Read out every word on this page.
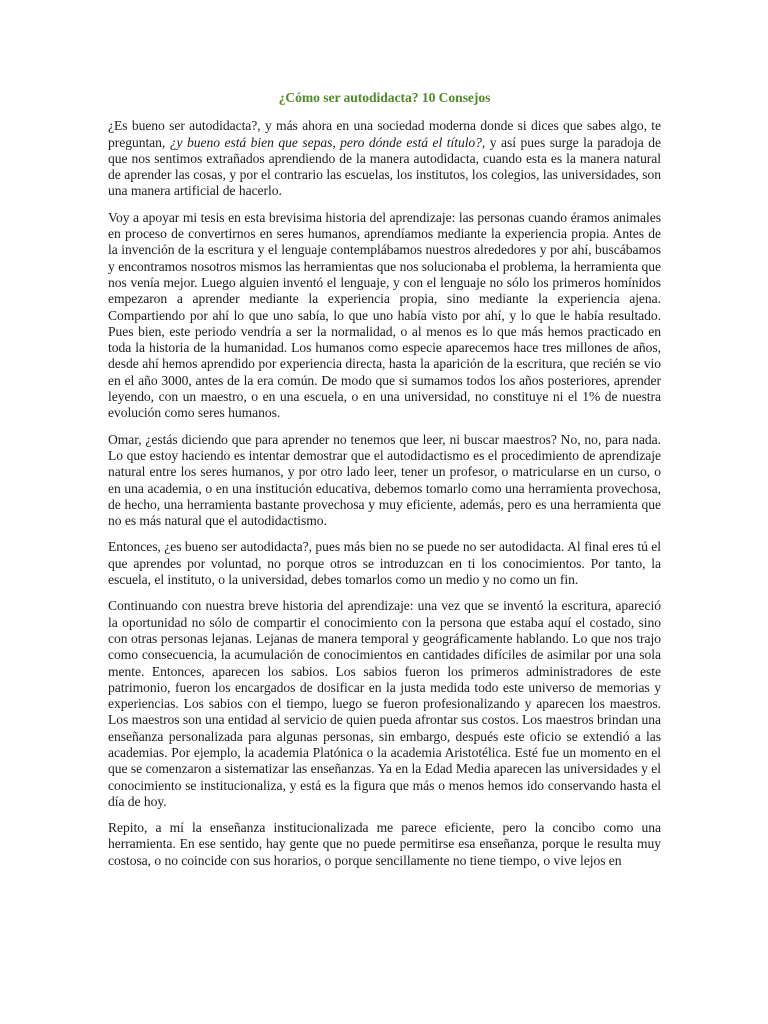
¿Cómo ser autodidacta? 10 Consejos

¿Es bueno ser autodidacta?, y más ahora en una sociedad moderna donde si dices que sabes algo, te preguntan, ¿y bueno está bien que sepas, pero dónde está el título?, y así pues surge la paradoja de que nos sentimos extrañados aprendiendo de la manera autodidacta, cuando esta es la manera natural de aprender las cosas, y por el contrario las escuelas, los institutos, los colegios, las universidades, son una manera artificial de hacerlo.

Voy a apoyar mi tesis en esta brevisima historia del aprendizaje: las personas cuando éramos animales en proceso de convertirnos en seres humanos, aprendíamos mediante la experiencia propia. Antes de la invención de la escritura y el lenguaje contemplábamos nuestros alrededores y por ahí, buscábamos y encontramos nosotros mismos las herramientas que nos solucionaba el problema, la herramienta que nos venía mejor. Luego alguien inventó el lenguaje, y con el lenguaje no sólo los primeros homínidos empezaron a aprender mediante la experiencia propia, sino mediante la experiencia ajena. Compartiendo por ahí lo que uno sabía, lo que uno había visto por ahí, y lo que le había resultado. Pues bien, este periodo vendría a ser la normalidad, o al menos es lo que más hemos practicado en toda la historia de la humanidad. Los humanos como especie aparecemos hace tres millones de años, desde ahí hemos aprendido por experiencia directa, hasta la aparición de la escritura, que recién se vio en el año 3000, antes de la era común. De modo que si sumamos todos los años posteriores, aprender leyendo, con un maestro, o en una escuela, o en una universidad, no constituye ni el 1% de nuestra evolución como seres humanos.

Omar, ¿estás diciendo que para aprender no tenemos que leer, ni buscar maestros? No, no, para nada. Lo que estoy haciendo es intentar demostrar que el autodidactismo es el procedimiento de aprendizaje natural entre los seres humanos, y por otro lado leer, tener un profesor, o matricularse en un curso, o en una academia, o en una institución educativa, debemos tomarlo como una herramienta provechosa, de hecho, una herramienta bastante provechosa y muy eficiente, además, pero es una herramienta que no es más natural que el autodidactismo.

Entonces, ¿es bueno ser autodidacta?, pues más bien no se puede no ser autodidacta. Al final eres tú el que aprendes por voluntad, no porque otros se introduzcan en ti los conocimientos. Por tanto, la escuela, el instituto, o la universidad, debes tomarlos como un medio y no como un fin.

Continuando con nuestra breve historia del aprendizaje: una vez que se inventó la escritura, apareció la oportunidad no sólo de compartir el conocimiento con la persona que estaba aquí el costado, sino con otras personas lejanas. Lejanas de manera temporal y geográficamente hablando. Lo que nos trajo como consecuencia, la acumulación de conocimientos en cantidades difíciles de asimilar por una sola mente. Entonces, aparecen los sabios. Los sabios fueron los primeros administradores de este patrimonio, fueron los encargados de dosificar en la justa medida todo este universo de memorias y experiencias. Los sabios con el tiempo, luego se fueron profesionalizando y aparecen los maestros. Los maestros son una entidad al servicio de quien pueda afrontar sus costos. Los maestros brindan una enseñanza personalizada para algunas personas, sin embargo, después este oficio se extendió a las academias. Por ejemplo, la academia Platónica o la academia Aristotélica. Esté fue un momento en el que se comenzaron a sistematizar las enseñanzas. Ya en la Edad Media aparecen las universidades y el conocimiento se institucionaliza, y está es la figura que más o menos hemos ido conservando hasta el día de hoy.

Repito, a mí la enseñanza institucionalizada me parece eficiente, pero la concibo como una herramienta. En ese sentido, hay gente que no puede permitirse esa enseñanza, porque le resulta muy costosa, o no coincide con sus horarios, o porque sencillamente no tiene tiempo, o vive lejos en
